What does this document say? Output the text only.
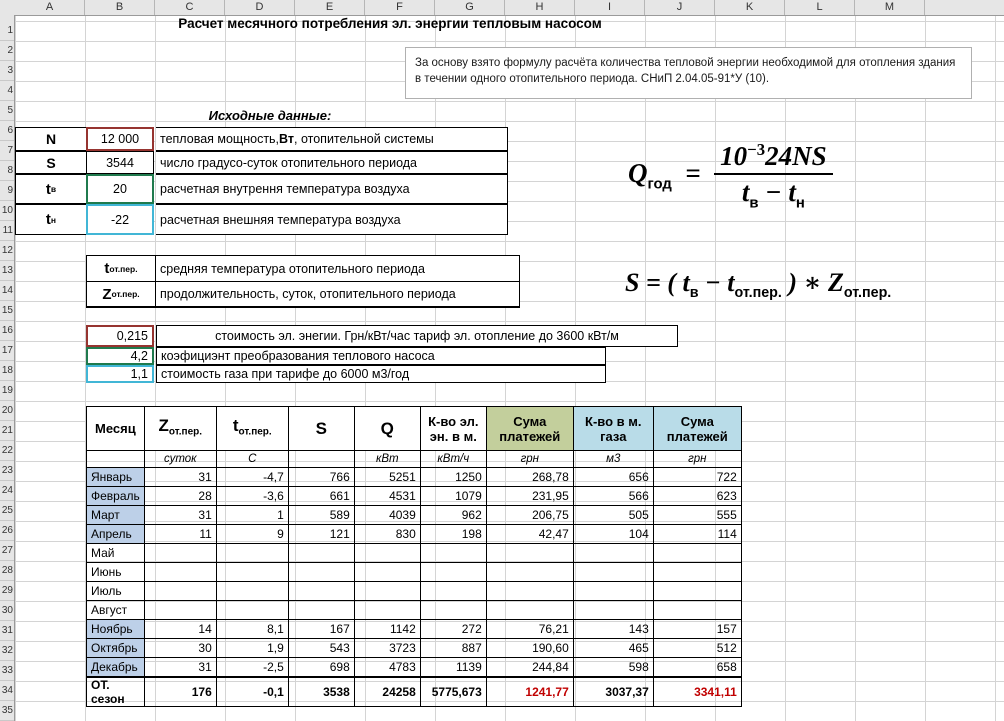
A	B	C	D	E	F	G	H	I	J	K	L	M
1
2
3
4
5
6
7
8
9
10
11
12
13
14
15
16
17
18
19
20
21
22
23
24
25
26
27
28
29
30
31
32
33
34
35
Расчет месячного потребления эл. энергии тепловым насосом
За основу взято формулу расчёта количества тепловой энергии необходимой для отопления здания в течении одного отопительного периода. СНиП 2.04.05-91*У (10).
Исходные данные:
N	12 000	тепловая мощность, Вт , отопительной системы
S	3544	число градусо-суток отопительного периода
t в	20	расчетная внутрення температура воздуха
t н	-22	расчетная внешняя температура воздуха
t от.пер.	средняя температура отопительного периода
Z от.пер.	продолжительность, суток, отопительного периода
0,215	стоимость эл. энегии. Грн/кВт/час тариф эл. отопление до 3600 кВт/м
4,2	коэфициэнт преобразования теплового насоса
1,1	стоимость газа при тарифе до 6000 м3/год
$Q_{год} = \frac{10^{-3}24NS}{t_в - t_н}$
S = ( $t_в - t_{от.пер.}$ ) ∗ $Z_{от.пер.}$
Месяц	$Z_{от.пер.}$	$t_{от.пер.}$	S	Q	К-во эл. эн. в м.	Сума платежей	К-во в м. газа	Сума платежей
	суток	С		кВт	кВт/ч	грн	м3	грн
Январь	31	-4,7	766	5251	1250	268,78	656	722
Февраль	28	-3,6	661	4531	1079	231,95	566	623
Март	31	1	589	4039	962	206,75	505	555
Апрель	11	9	121	830	198	42,47	104	114
Май								
Июнь								
Июль								
Август								
Ноябрь	14	8,1	167	1142	272	76,21	143	157
Октябрь	30	1,9	543	3723	887	190,60	465	512
Декабрь	31	-2,5	698	4783	1139	244,84	598	658
ОТ. сезон	176	-0,1	3538	24258	5775,673	1241,77	3037,37	3341,11
